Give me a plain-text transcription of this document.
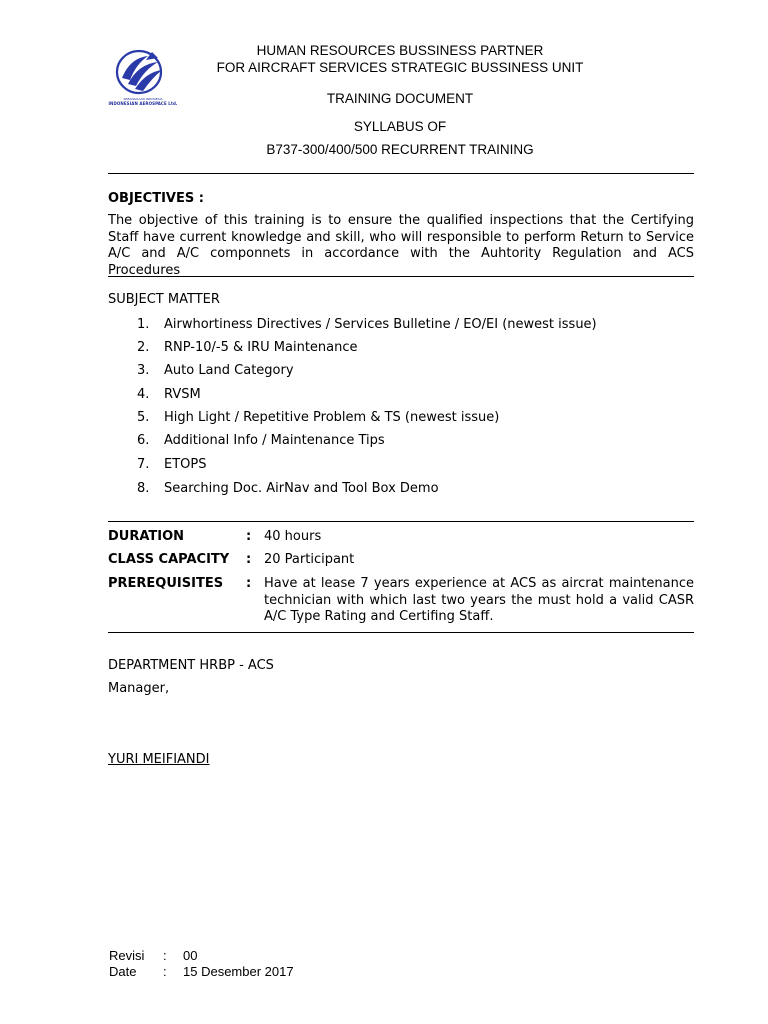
KEBANGGAAN INDONESIA
INDONESIAN AEROSPACE Ltd.
HUMAN RESOURCES BUSSINESS PARTNER
FOR AIRCRAFT SERVICES STRATEGIC BUSSINESS UNIT
TRAINING DOCUMENT
SYLLABUS OF
B737-300/400/500 RECURRENT TRAINING
OBJECTIVES :
The objective of this training is to ensure the qualified inspections that the Certifying Staff have current knowledge and skill, who will responsible to perform Return to Service A/C and A/C componnets in accordance with the Auhtority Regulation and ACS Procedures
SUBJECT MATTER
1. Airwhortiness Directives / Services Bulletine / EO/EI (newest issue)
2. RNP-10/-5 & IRU Maintenance
3. Auto Land Category
4. RVSM
5. High Light / Repetitive Problem & TS (newest issue)
6. Additional Info / Maintenance Tips
7. ETOPS
8. Searching Doc. AirNav and Tool Box Demo
DURATION	: 40 hours
CLASS CAPACITY : 20 Participant
PREREQUISITES : Have at lease 7 years experience at ACS as aircrat maintenance technician with which last two years the must hold a valid CASR A/C Type Rating and Certifing Staff.
DEPARTMENT HRBP - ACS
Manager,
YURI MEIFIANDI
Revisi : 00
Date : 15 Desember 2017
